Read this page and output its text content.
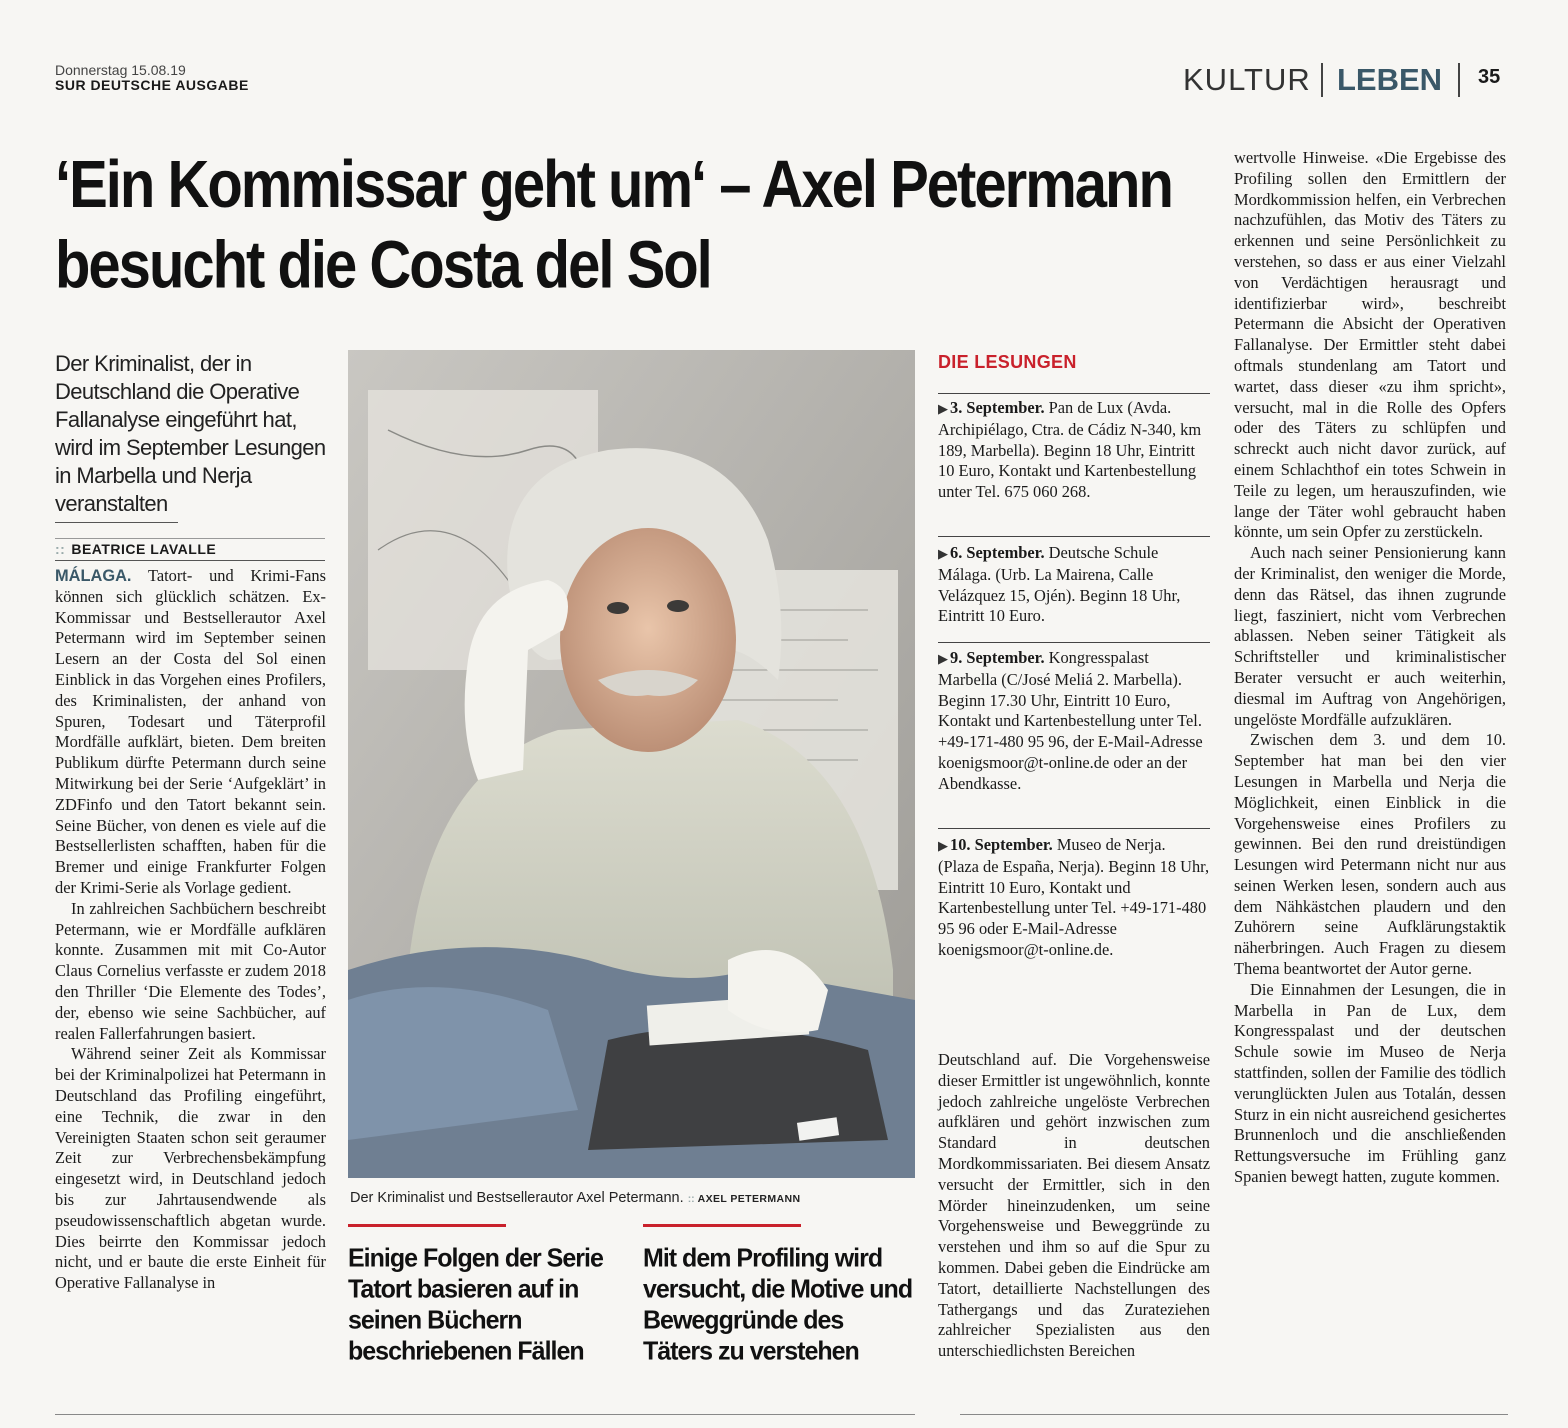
Donnerstag 15.08.19
SUR DEUTSCHE AUSGABE	KULTUR LEBEN 35
‘Ein Kommissar geht um‘ – Axel Petermann besucht die Costa del Sol
Der Kriminalist, der in Deutschland die Operative Fallanalyse eingeführt hat, wird im September Lesungen in Marbella und Nerja veranstalten
:: BEATRICE LAVALLE

MÁLAGA. Tatort- und Krimi-Fans können sich glücklich schätzen. Ex-Kommissar und Bestsellerautor Axel Petermann wird im September seinen Lesern an der Costa del Sol einen Einblick in das Vorgehen eines Profilers, des Kriminalisten, der anhand von Spuren, Todesart und Täterprofil Mordfälle aufklärt, bieten. Dem breiten Publikum dürfte Petermann durch seine Mitwirkung bei der Serie ‘Aufgeklärt’ in ZDFinfo und den Tatort bekannt sein. Seine Bücher, von denen es viele auf die Bestsellerlisten schafften, haben für die Bremer und einige Frankfurter Folgen der Krimi-Serie als Vorlage gedient.

In zahlreichen Sachbüchern beschreibt Petermann, wie er Mordfälle aufklären konnte. Zusammen mit mit Co-Autor Claus Cornelius verfasste er zudem 2018 den Thriller ‘Die Elemente des Todes’, der, ebenso wie seine Sachbücher, auf realen Fallerfahrungen basiert.

Während seiner Zeit als Kommissar bei der Kriminalpolizei hat Petermann in Deutschland das Profiling eingeführt, eine Technik, die zwar in den Vereinigten Staaten schon seit geraumer Zeit zur Verbrechensbekämpfung eingesetzt wird, in Deutschland jedoch bis zur Jahrtausendwende als pseudowissenschaftlich abgetan wurde. Dies beirrte den Kommissar jedoch nicht, und er baute die erste Einheit für Operative Fallanalyse in

Der Kriminalist und Bestsellerautor Axel Petermann. :: AXEL PETERMANN
Einige Folgen der Serie Tatort basieren auf in seinen Büchern beschriebenen Fällen
Mit dem Profiling wird versucht, die Motive und Beweggründe des Täters zu verstehen
DIE LESUNGEN
▶ 3. September. Pan de Lux (Avda. Archipiélago, Ctra. de Cádiz N-340, km 189, Marbella). Beginn 18 Uhr, Eintritt 10 Euro, Kontakt und Kartenbestellung unter Tel. 675 060 268.
▶ 6. September. Deutsche Schule Málaga. (Urb. La Mairena, Calle Velázquez 15, Ojén). Beginn 18 Uhr, Eintritt 10 Euro.
▶ 9. September. Kongresspalast Marbella (C/José Meliá 2. Marbella). Beginn 17.30 Uhr, Eintritt 10 Euro, Kontakt und Kartenbestellung unter Tel. +49-171-480 95 96, der E-Mail-Adresse koenigsmoor@t-online.de oder an der Abendkasse.
▶ 10. September. Museo de Nerja. (Plaza de España, Nerja). Beginn 18 Uhr, Eintritt 10 Euro, Kontakt und Kartenbestellung unter Tel. +49-171-480 95 96 oder E-Mail-Adresse koenigsmoor@t-online.de.

Deutschland auf. Die Vorgehensweise dieser Ermittler ist ungewöhnlich, konnte jedoch zahlreiche ungelöste Verbrechen aufklären und gehört inzwischen zum Standard in deutschen Mordkommissariaten. Bei diesem Ansatz versucht der Ermittler, sich in den Mörder hineinzudenken, um seine Vorgehensweise und Beweggründe zu verstehen und ihm so auf die Spur zu kommen. Dabei geben die Eindrücke am Tatort, detaillierte Nachstellungen des Tathergangs und das Zurateziehen zahlreicher Spezialisten aus den unterschiedlichsten Bereichen

wertvolle Hinweise. «Die Ergebisse des Profiling sollen den Ermittlern der Mordkommission helfen, ein Verbrechen nachzufühlen, das Motiv des Täters zu erkennen und seine Persönlichkeit zu verstehen, so dass er aus einer Vielzahl von Verdächtigen herausragt und identifizierbar wird», beschreibt Petermann die Absicht der Operativen Fallanalyse. Der Ermittler steht dabei oftmals stundenlang am Tatort und wartet, dass dieser «zu ihm spricht», versucht, mal in die Rolle des Opfers oder des Täters zu schlüpfen und schreckt auch nicht davor zurück, auf einem Schlachthof ein totes Schwein in Teile zu legen, um herauszufinden, wie lange der Täter wohl gebraucht haben könnte, um sein Opfer zu zerstückeln.

Auch nach seiner Pensionierung kann der Kriminalist, den weniger die Morde, denn das Rätsel, das ihnen zugrunde liegt, fasziniert, nicht vom Verbrechen ablassen. Neben seiner Tätigkeit als Schriftsteller und kriminalistischer Berater versucht er auch weiterhin, diesmal im Auftrag von Angehörigen, ungelöste Mordfälle aufzuklären.

Zwischen dem 3. und dem 10. September hat man bei den vier Lesungen in Marbella und Nerja die Möglichkeit, einen Einblick in die Vorgehensweise eines Profilers zu gewinnen. Bei den rund dreistündigen Lesungen wird Petermann nicht nur aus seinen Werken lesen, sondern auch aus dem Nähkästchen plaudern und den Zuhörern seine Aufklärungstaktik näherbringen. Auch Fragen zu diesem Thema beantwortet der Autor gerne.

Die Einnahmen der Lesungen, die in Marbella in Pan de Lux, dem Kongresspalast und der deutschen Schule sowie im Museo de Nerja stattfinden, sollen der Familie des tödlich verunglückten Julen aus Totalán, dessen Sturz in ein nicht ausreichend gesichertes Brunnenloch und die anschließenden Rettungsversuche im Frühling ganz Spanien bewegt hatten, zugute kommen.
